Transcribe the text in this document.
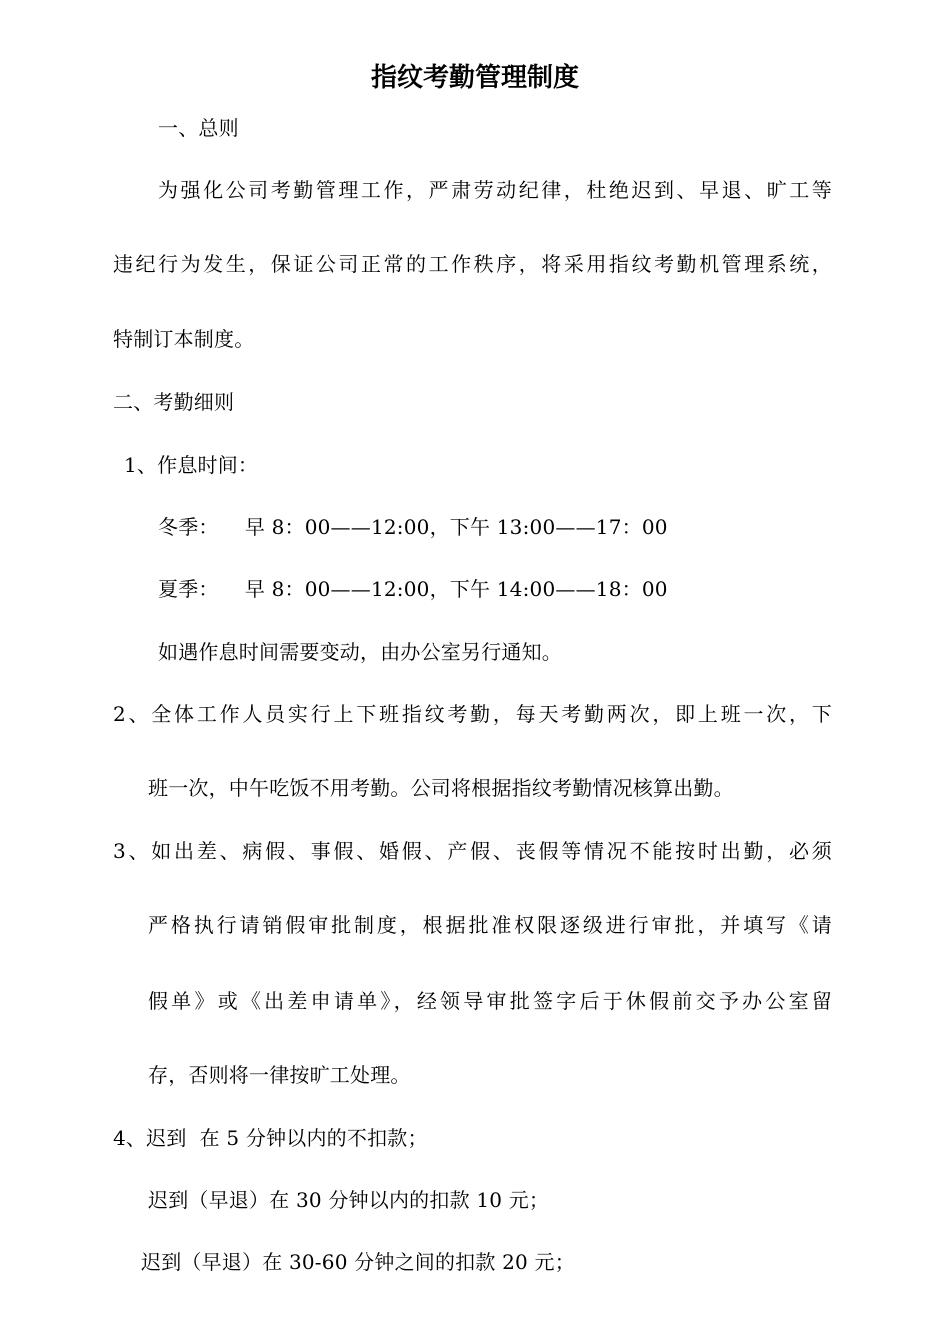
指纹考勤管理制度
一、总则
为强化公司考勤管理工作，严肃劳动纪律，杜绝迟到、早退、旷工等
违纪行为发生，保证公司正常的工作秩序，将采用指纹考勤机管理系统，
特制订本制度。
二、考勤细则
1、作息时间：
冬季：    早 8：00——12:00，下午 13:00——17：00
夏季：    早 8：00——12:00，下午 14:00——18：00
如遇作息时间需要变动，由办公室另行通知。
2、全体工作人员实行上下班指纹考勤，每天考勤两次，即上班一次，下
班一次，中午吃饭不用考勤。公司将根据指纹考勤情况核算出勤。
3、如出差、病假、事假、婚假、产假、丧假等情况不能按时出勤，必须
严格执行请销假审批制度，根据批准权限逐级进行审批，并填写《请
假单》或《出差申请单》，经领导审批签字后于休假前交予办公室留
存，否则将一律按旷工处理。
4、迟到  在 5 分钟以内的不扣款；
迟到（早退）在 30 分钟以内的扣款 10 元；
迟到（早退）在 30-60 分钟之间的扣款 20 元；
